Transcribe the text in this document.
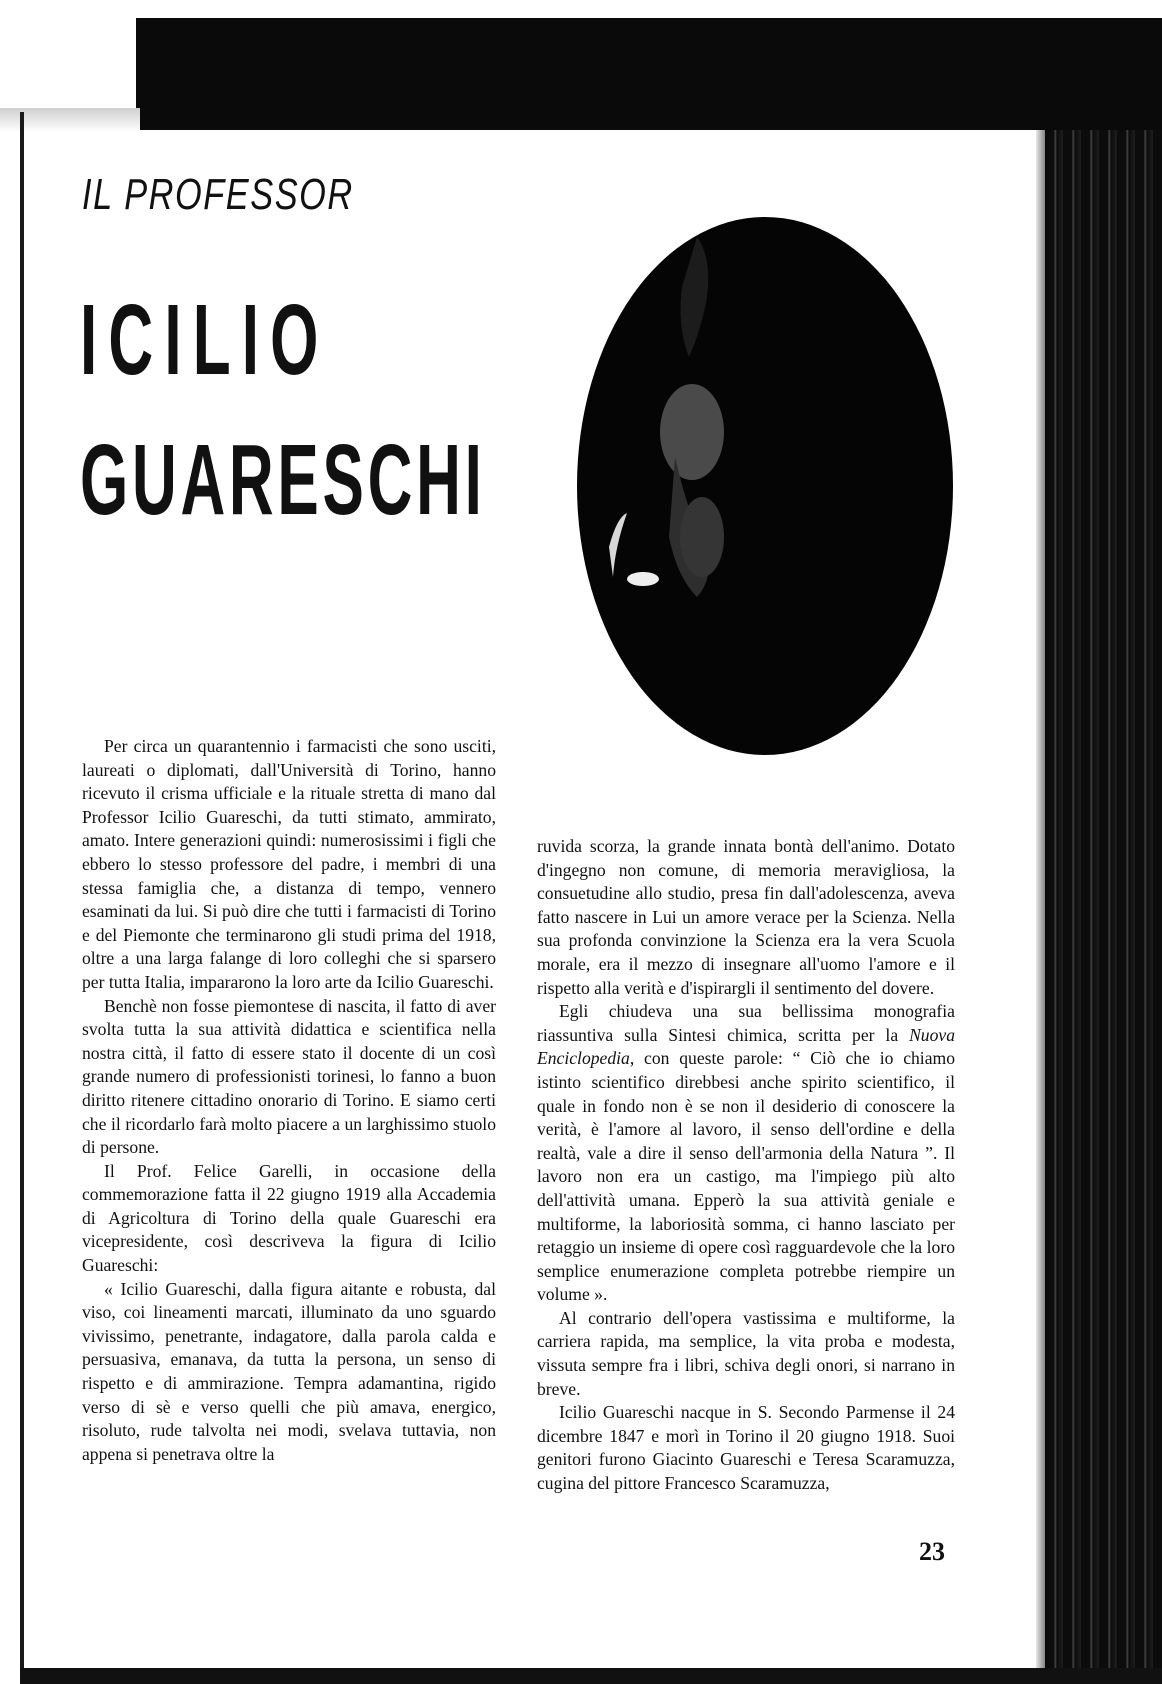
IL PROFESSOR
ICILIO
GUARESCHI

Per circa un quarantennio i farmacisti che sono usciti, laureati o diplomati, dall'Università di Torino, hanno ricevuto il crisma ufficiale e la rituale stretta di mano dal Professor Icilio Guareschi, da tutti stimato, ammirato, amato. Intere generazioni quindi: numerosissimi i figli che ebbero lo stesso professore del padre, i membri di una stessa famiglia che, a distanza di tempo, vennero esaminati da lui. Si può dire che tutti i farmacisti di Torino e del Piemonte che terminarono gli studi prima del 1918, oltre a una larga falange di loro colleghi che si sparsero per tutta Italia, impararono la loro arte da Icilio Guareschi.

Benchè non fosse piemontese di nascita, il fatto di aver svolta tutta la sua attività didattica e scientifica nella nostra città, il fatto di essere stato il docente di un così grande numero di professionisti torinesi, lo fanno a buon diritto ritenere cittadino onorario di Torino. E siamo certi che il ricordarlo farà molto piacere a un larghissimo stuolo di persone.

Il Prof. Felice Garelli, in occasione della commemorazione fatta il 22 giugno 1919 alla Accademia di Agricoltura di Torino della quale Guareschi era vicepresidente, così descriveva la figura di Icilio Guareschi:

« Icilio Guareschi, dalla figura aitante e robusta, dal viso, coi lineamenti marcati, illuminato da uno sguardo vivissimo, penetrante, indagatore, dalla parola calda e persuasiva, emanava, da tutta la persona, un senso di rispetto e di ammirazione. Tempra adamantina, rigido verso di sè e verso quelli che più amava, energico, risoluto, rude talvolta nei modi, svelava tuttavia, non appena si penetrava oltre la

ruvida scorza, la grande innata bontà dell'animo. Dotato d'ingegno non comune, di memoria meravigliosa, la consuetudine allo studio, presa fin dall'adolescenza, aveva fatto nascere in Lui un amore verace per la Scienza. Nella sua profonda convinzione la Scienza era la vera Scuola morale, era il mezzo di insegnare all'uomo l'amore e il rispetto alla verità e d'ispirargli il sentimento del dovere.

Egli chiudeva una sua bellissima monografia riassuntiva sulla Sintesi chimica, scritta per la Nuova Enciclopedia, con queste parole: “ Ciò che io chiamo istinto scientifico direbbesi anche spirito scientifico, il quale in fondo non è se non il desiderio di conoscere la verità, è l'amore al lavoro, il senso dell'ordine e della realtà, vale a dire il senso dell'armonia della Natura ”. Il lavoro non era un castigo, ma l'impiego più alto dell'attività umana. Epperò la sua attività geniale e multiforme, la laboriosità somma, ci hanno lasciato per retaggio un insieme di opere così ragguardevole che la loro semplice enumerazione completa potrebbe riempire un volume ».

Al contrario dell'opera vastissima e multiforme, la carriera rapida, ma semplice, la vita proba e modesta, vissuta sempre fra i libri, schiva degli onori, si narrano in breve.

Icilio Guareschi nacque in S. Secondo Parmense il 24 dicembre 1847 e morì in Torino il 20 giugno 1918. Suoi genitori furono Giacinto Guareschi e Teresa Scaramuzza, cugina del pittore Francesco Scaramuzza,

23
